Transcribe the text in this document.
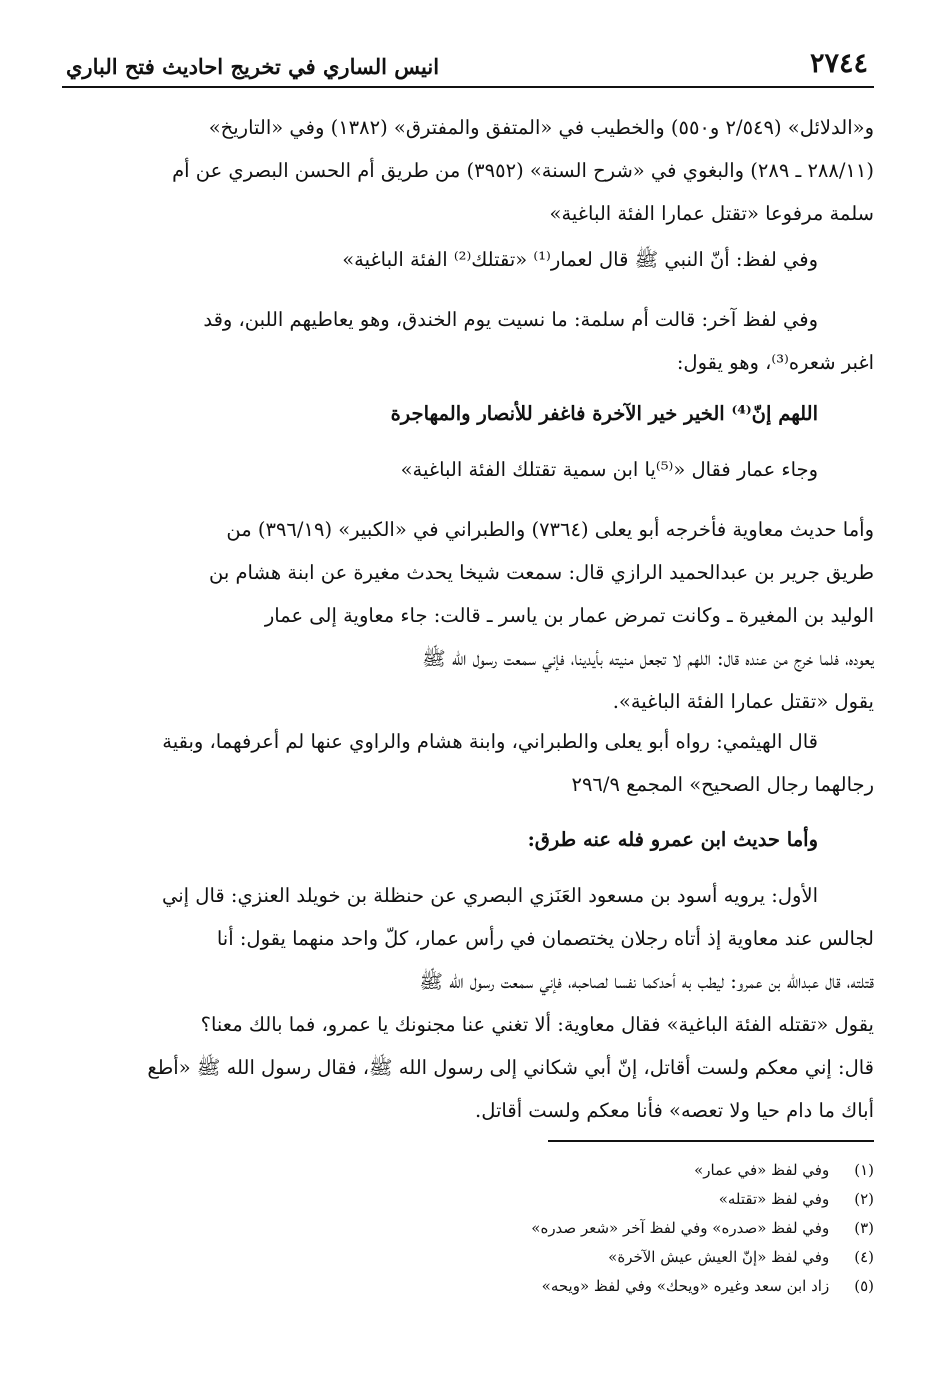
٢٧٤٤
انيس الساري في تخريج احاديث فتح الباري
و«الدلائل» (٢/٥٤٩ و٥٥٠) والخطيب في «المتفق والمفترق» (١٣٨٢) وفي «التاريخ»
(٢٨٨/١١ ـ ٢٨٩) والبغوي في «شرح السنة» (٣٩٥٢) من طريق أم الحسن البصري عن أم
سلمة مرفوعا «تقتل عمارا الفئة الباغية»
وفي لفظ: أنّ النبي ﷺ قال لعمار⁽¹⁾ «تقتلك⁽²⁾ الفئة الباغية»
وفي لفظ آخر: قالت أم سلمة: ما نسيت يوم الخندق، وهو يعاطيهم اللبن، وقد
اغبر شعره⁽³⁾، وهو يقول:
اللهم إنّ⁽⁴⁾ الخير خير الآخرة فاغفر للأنصار والمهاجرة
وجاء عمار فقال «⁽⁵⁾يا ابن سمية تقتلك الفئة الباغية»
وأما حديث معاوية فأخرجه أبو يعلى (٧٣٦٤) والطبراني في «الكبير» (٣٩٦/١٩) من
طريق جرير بن عبدالحميد الرازي قال: سمعت شيخا يحدث مغيرة عن ابنة هشام بن
الوليد بن المغيرة ـ وكانت تمرض عمار بن ياسر ـ قالت: جاء معاوية إلى عمار
يعوده، فلما خرج من عنده قال: اللهم لا تجعل منيته بأيدينا، فإني سمعت رسول الله ﷺ
يقول «تقتل عمارا الفئة الباغية».
قال الهيثمي: رواه أبو يعلى والطبراني، وابنة هشام والراوي عنها لم أعرفهما، وبقية
رجالهما رجال الصحيح» المجمع ٢٩٦/٩
وأما حديث ابن عمرو فله عنه طرق:
الأول: يرويه أسود بن مسعود العَنَزي البصري عن حنظلة بن خويلد العنزي: قال إني
لجالس عند معاوية إذ أتاه رجلان يختصمان في رأس عمار، كلّ واحد منهما يقول: أنا
قتلته، قال عبدالله بن عمرو: ليطب به أحدكما نفسا لصاحبه، فإني سمعت رسول الله ﷺ
يقول «تقتله الفئة الباغية» فقال معاوية: ألا تغني عنا مجنونك يا عمرو، فما بالك معنا؟
قال: إني معكم ولست أقاتل، إنّ أبي شكاني إلى رسول الله ﷺ، فقال رسول الله ﷺ «أطع
أباك ما دام حيا ولا تعصه» فأنا معكم ولست أقاتل.
(١) وفي لفظ «في عمار»
(٢) وفي لفظ «تقتله»
(٣) وفي لفظ «صدره» وفي لفظ آخر «شعر صدره»
(٤) وفي لفظ «إنّ العيش عيش الآخرة»
(٥) زاد ابن سعد وغيره «ويحك» وفي لفظ «ويحه»
